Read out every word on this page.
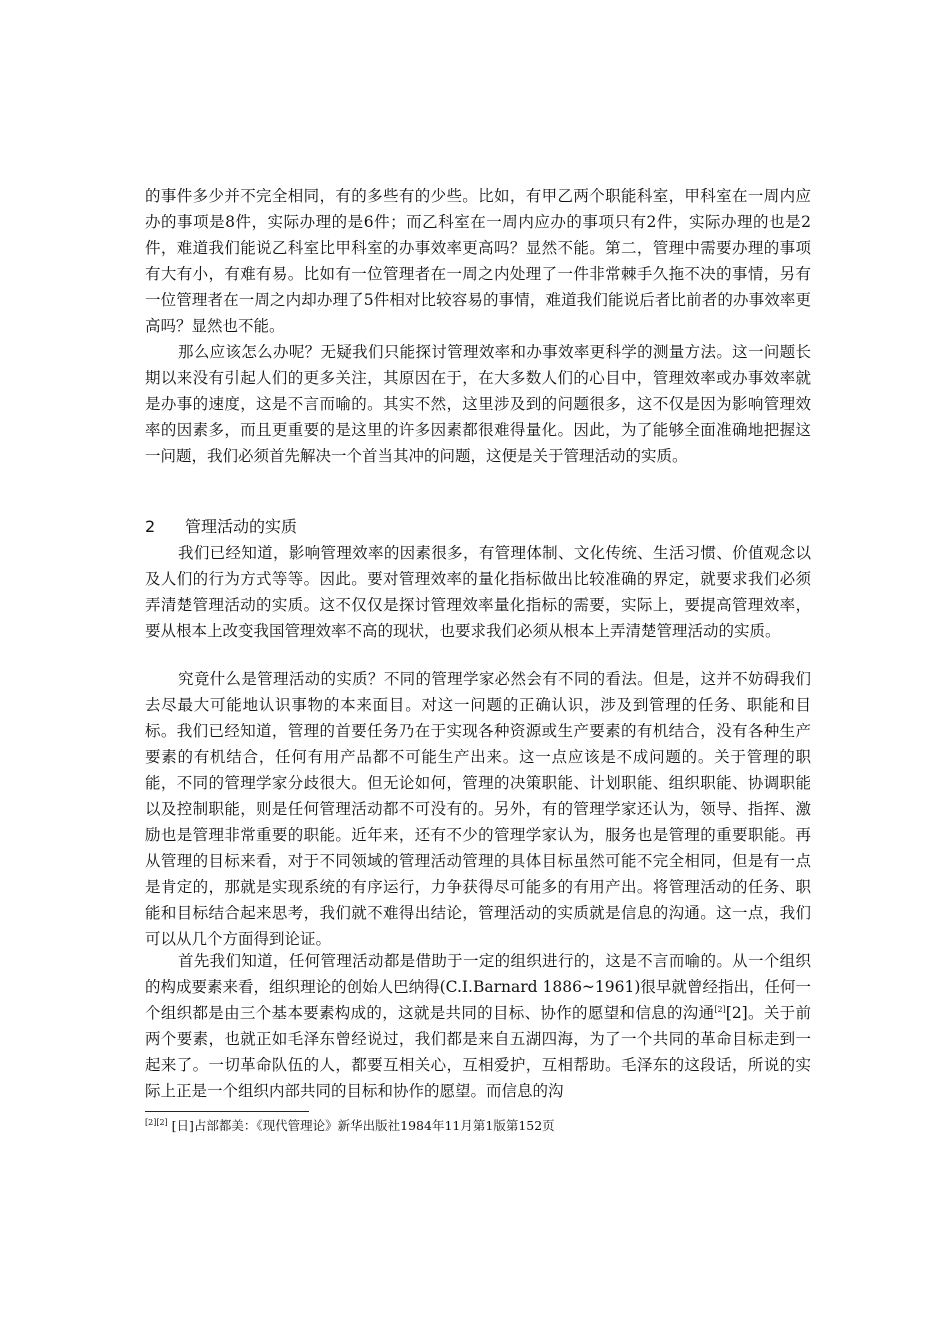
的事件多少并不完全相同，有的多些有的少些。比如，有甲乙两个职能科室，甲科室在一周内应办的事项是8件，实际办理的是6件；而乙科室在一周内应办的事项只有2件，实际办理的也是2件，难道我们能说乙科室比甲科室的办事效率更高吗？显然不能。第二，管理中需要办理的事项有大有小，有难有易。比如有一位管理者在一周之内处理了一件非常棘手久拖不决的事情，另有一位管理者在一周之内却办理了5件相对比较容易的事情，难道我们能说后者比前者的办事效率更高吗？显然也不能。

那么应该怎么办呢？无疑我们只能探讨管理效率和办事效率更科学的测量方法。这一问题长期以来没有引起人们的更多关注，其原因在于，在大多数人们的心目中，管理效率或办事效率就是办事的速度，这是不言而喻的。其实不然，这里涉及到的问题很多，这不仅是因为影响管理效率的因素多，而且更重要的是这里的许多因素都很难得量化。因此，为了能够全面准确地把握这一问题，我们必须首先解决一个首当其冲的问题，这便是关于管理活动的实质。

2 管理活动的实质

我们已经知道，影响管理效率的因素很多，有管理体制、文化传统、生活习惯、价值观念以及人们的行为方式等等。因此。要对管理效率的量化指标做出比较准确的界定，就要求我们必须弄清楚管理活动的实质。这不仅仅是探讨管理效率量化指标的需要，实际上，要提高管理效率，要从根本上改变我国管理效率不高的现状，也要求我们必须从根本上弄清楚管理活动的实质。

究竟什么是管理活动的实质？不同的管理学家必然会有不同的看法。但是，这并不妨碍我们去尽最大可能地认识事物的本来面目。对这一问题的正确认识，涉及到管理的任务、职能和目标。我们已经知道，管理的首要任务乃在于实现各种资源或生产要素的有机结合，没有各种生产要素的有机结合，任何有用产品都不可能生产出来。这一点应该是不成问题的。关于管理的职能，不同的管理学家分歧很大。但无论如何，管理的决策职能、计划职能、组织职能、协调职能以及控制职能，则是任何管理活动都不可没有的。另外，有的管理学家还认为，领导、指挥、激励也是管理非常重要的职能。近年来，还有不少的管理学家认为，服务也是管理的重要职能。再从管理的目标来看，对于不同领域的管理活动管理的具体目标虽然可能不完全相同，但是有一点是肯定的，那就是实现系统的有序运行，力争获得尽可能多的有用产出。将管理活动的任务、职能和目标结合起来思考，我们就不难得出结论，管理活动的实质就是信息的沟通。这一点，我们可以从几个方面得到论证。

首先我们知道，任何管理活动都是借助于一定的组织进行的，这是不言而喻的。从一个组织的构成要素来看，组织理论的创始人巴纳得(C.I.Barnard 1886~1961)很早就曾经指出，任何一个组织都是由三个基本要素构成的，这就是共同的目标、协作的愿望和信息的沟通[2][2]。关于前两个要素，也就正如毛泽东曾经说过，我们都是来自五湖四海，为了一个共同的革命目标走到一起来了。一切革命队伍的人，都要互相关心，互相爱护，互相帮助。毛泽东的这段话，所说的实际上正是一个组织内部共同的目标和协作的愿望。而信息的沟

[2][2] [日]占部都美：《现代管理论》新华出版社1984年11月第1版第152页
